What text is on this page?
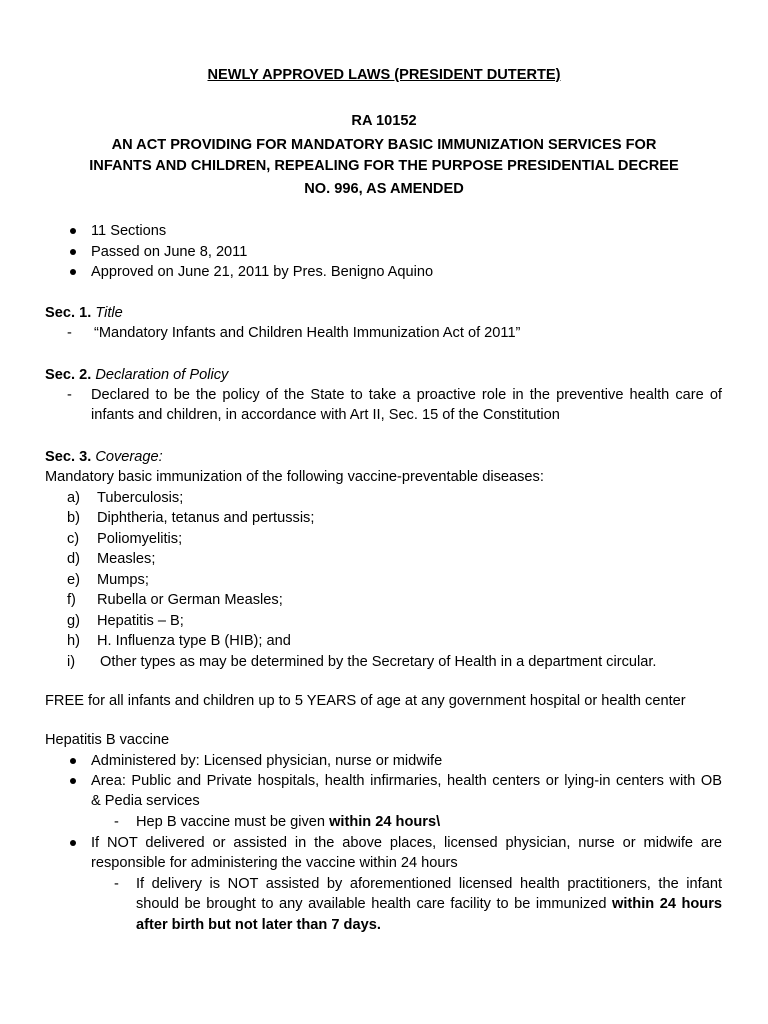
NEWLY APPROVED LAWS (PRESIDENT DUTERTE)
RA 10152
AN ACT PROVIDING FOR MANDATORY BASIC IMMUNIZATION SERVICES FOR
INFANTS AND CHILDREN, REPEALING FOR THE PURPOSE PRESIDENTIAL DECREE
NO. 996, AS AMENDED
11 Sections
Passed on June 8, 2011
Approved on June 21, 2011 by Pres. Benigno Aquino
Sec. 1. Title
- “Mandatory Infants and Children Health Immunization Act of 2011”
Sec. 2. Declaration of Policy
- Declared to be the policy of the State to take a proactive role in the preventive health care of
infants and children, in accordance with Art II, Sec. 15 of the Constitution
Sec. 3. Coverage:
Mandatory basic immunization of the following vaccine-preventable diseases:
a) Tuberculosis;
b) Diphtheria, tetanus and pertussis;
c) Poliomyelitis;
d) Measles;
e) Mumps;
f) Rubella or German Measles;
g) Hepatitis – B;
h) H. Influenza type B (HIB); and
i) Other types as may be determined by the Secretary of Health in a department circular.
FREE for all infants and children up to 5 YEARS of age at any government hospital or health center
Hepatitis B vaccine
Administered by: Licensed physician, nurse or midwife
Area: Public and Private hospitals, health infirmaries, health centers or lying-in centers with OB
& Pedia services
- Hep B vaccine must be given within 24 hours\
If NOT delivered or assisted in the above places, licensed physician, nurse or midwife are
responsible for administering the vaccine within 24 hours
- If delivery is NOT assisted by aforementioned licensed health practitioners, the infant
should be brought to any available health care facility to be immunized within 24 hours
after birth but not later than 7 days.
